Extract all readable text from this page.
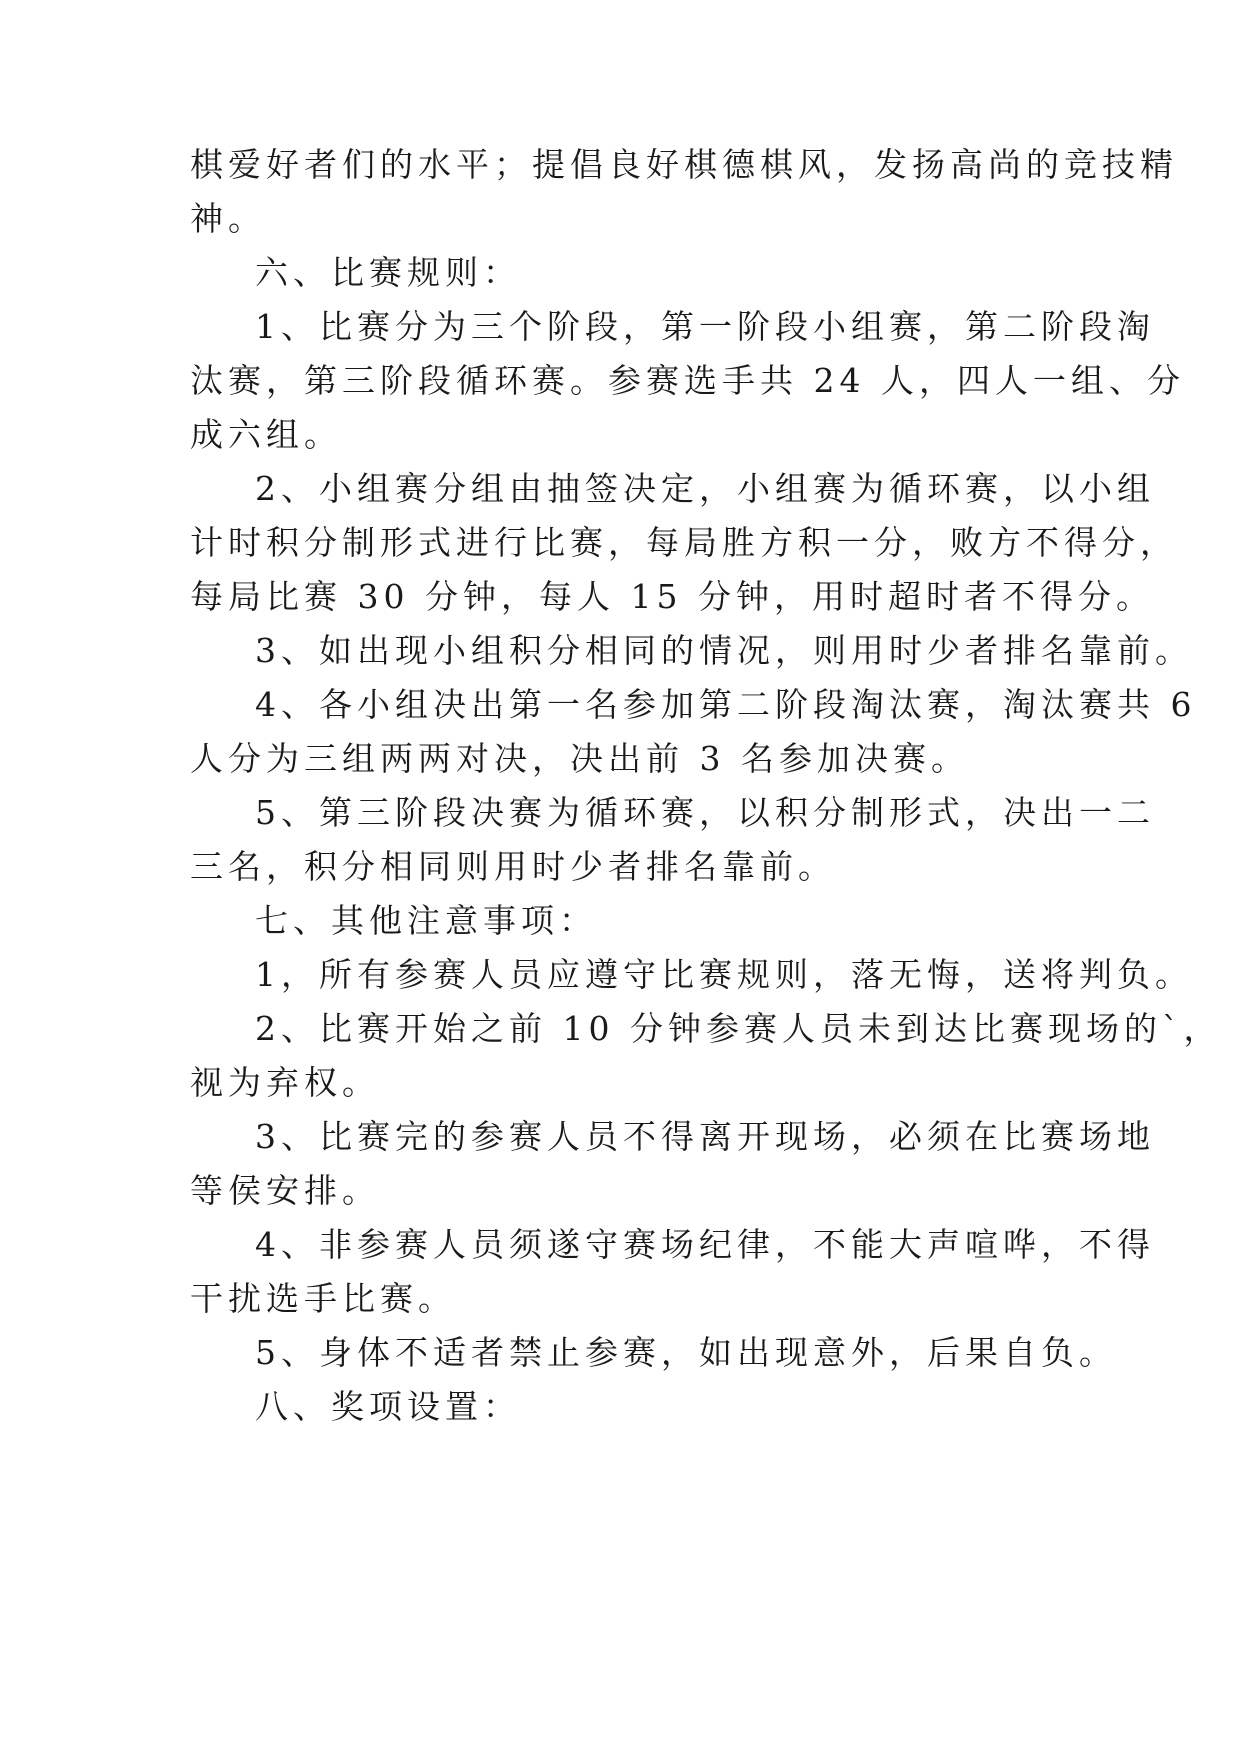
棋爱好者们的水平；提倡良好棋德棋风，发扬高尚的竞技精
神。
六、比赛规则：
1、比赛分为三个阶段，第一阶段小组赛，第二阶段淘
汰赛，第三阶段循环赛。参赛选手共 24 人，四人一组、分
成六组。
2、小组赛分组由抽签决定，小组赛为循环赛，以小组
计时积分制形式进行比赛，每局胜方积一分，败方不得分，
每局比赛 30 分钟，每人 15 分钟，用时超时者不得分。
3、如出现小组积分相同的情况，则用时少者排名靠前。
4、各小组决出第一名参加第二阶段淘汰赛，淘汰赛共 6
人分为三组两两对决，决出前 3 名参加决赛。
5、第三阶段决赛为循环赛，以积分制形式，决出一二
三名，积分相同则用时少者排名靠前。
七、其他注意事项：
1，所有参赛人员应遵守比赛规则，落无悔，送将判负。
2、比赛开始之前 10 分钟参赛人员未到达比赛现场的`，
视为弃权。
3、比赛完的参赛人员不得离开现场，必须在比赛场地
等侯安排。
4、非参赛人员须遂守赛场纪律，不能大声喧哗，不得
干扰选手比赛。
5、身体不适者禁止参赛，如出现意外，后果自负。
八、奖项设置：
